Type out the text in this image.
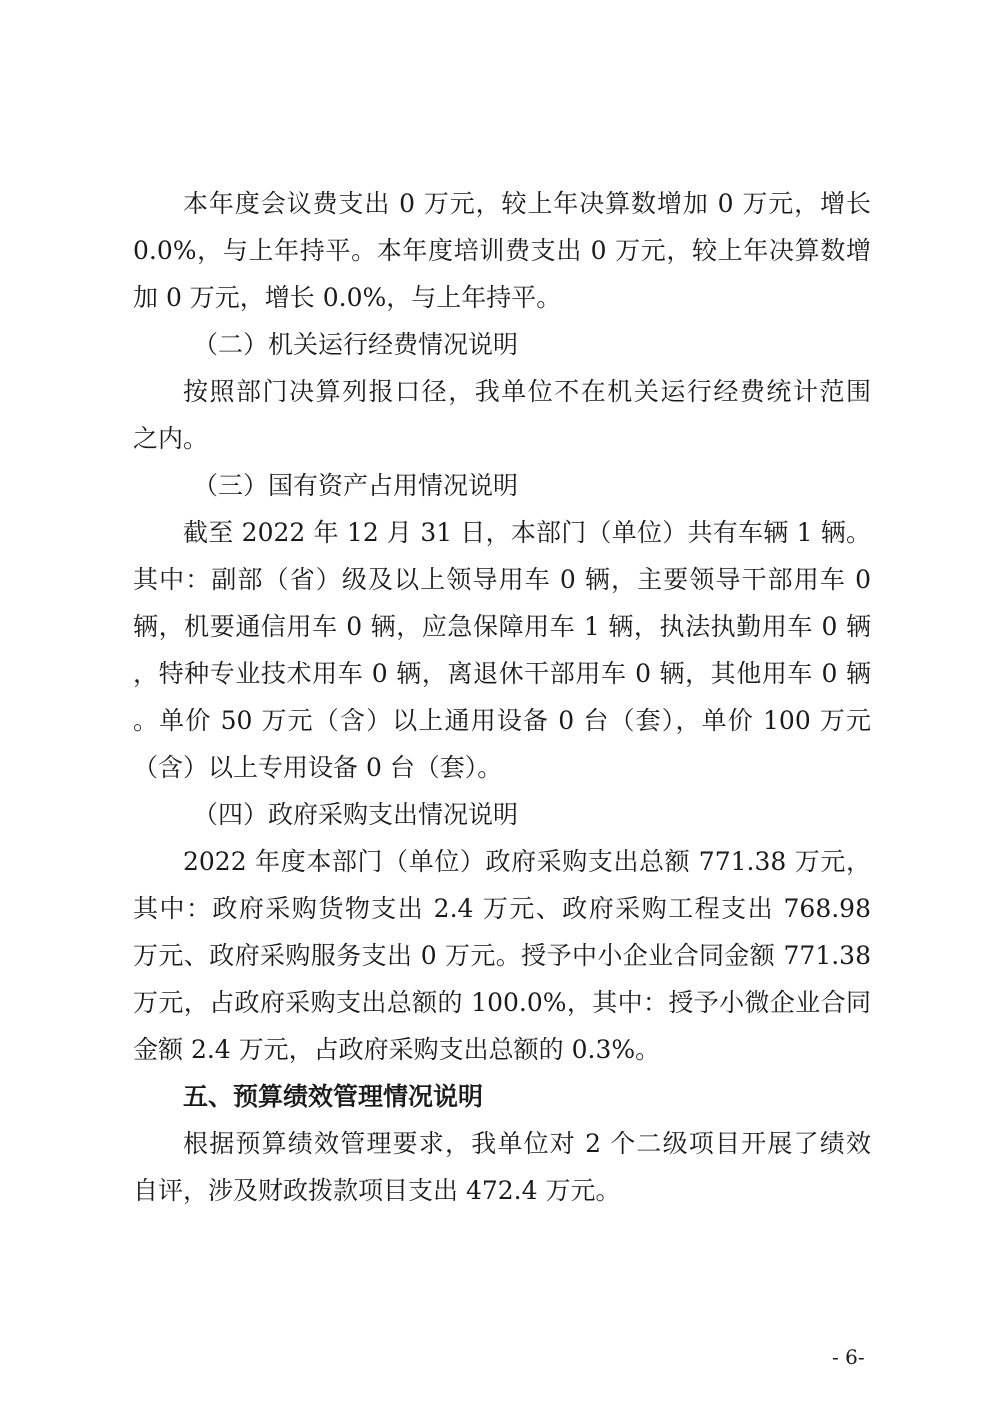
本年度会议费支出 0 万元，较上年决算数增加 0 万元，增长
0.0%，与上年持平。本年度培训费支出 0 万元，较上年决算数增
加 0 万元，增长 0.0%，与上年持平。
（二）机关运行经费情况说明
按照部门决算列报口径，我单位不在机关运行经费统计范围
之内。
（三）国有资产占用情况说明
截至 2022 年 12 月 31 日，本部门（单位）共有车辆 1 辆。
其中：副部（省）级及以上领导用车 0 辆，主要领导干部用车 0
辆，机要通信用车 0 辆，应急保障用车 1 辆，执法执勤用车 0 辆
，特种专业技术用车 0 辆，离退休干部用车 0 辆，其他用车 0 辆
。单价 50 万元（含）以上通用设备 0 台（套），单价 100 万元
（含）以上专用设备 0 台（套）。
（四）政府采购支出情况说明
2022 年度本部门（单位）政府采购支出总额 771.38 万元，
其中：政府采购货物支出 2.4 万元、政府采购工程支出 768.98
万元、政府采购服务支出 0 万元。授予中小企业合同金额 771.38
万元，占政府采购支出总额的 100.0%，其中：授予小微企业合同
金额 2.4 万元，占政府采购支出总额的 0.3%。
五、预算绩效管理情况说明
根据预算绩效管理要求，我单位对 2 个二级项目开展了绩效
自评，涉及财政拨款项目支出 472.4 万元。
- 6-
